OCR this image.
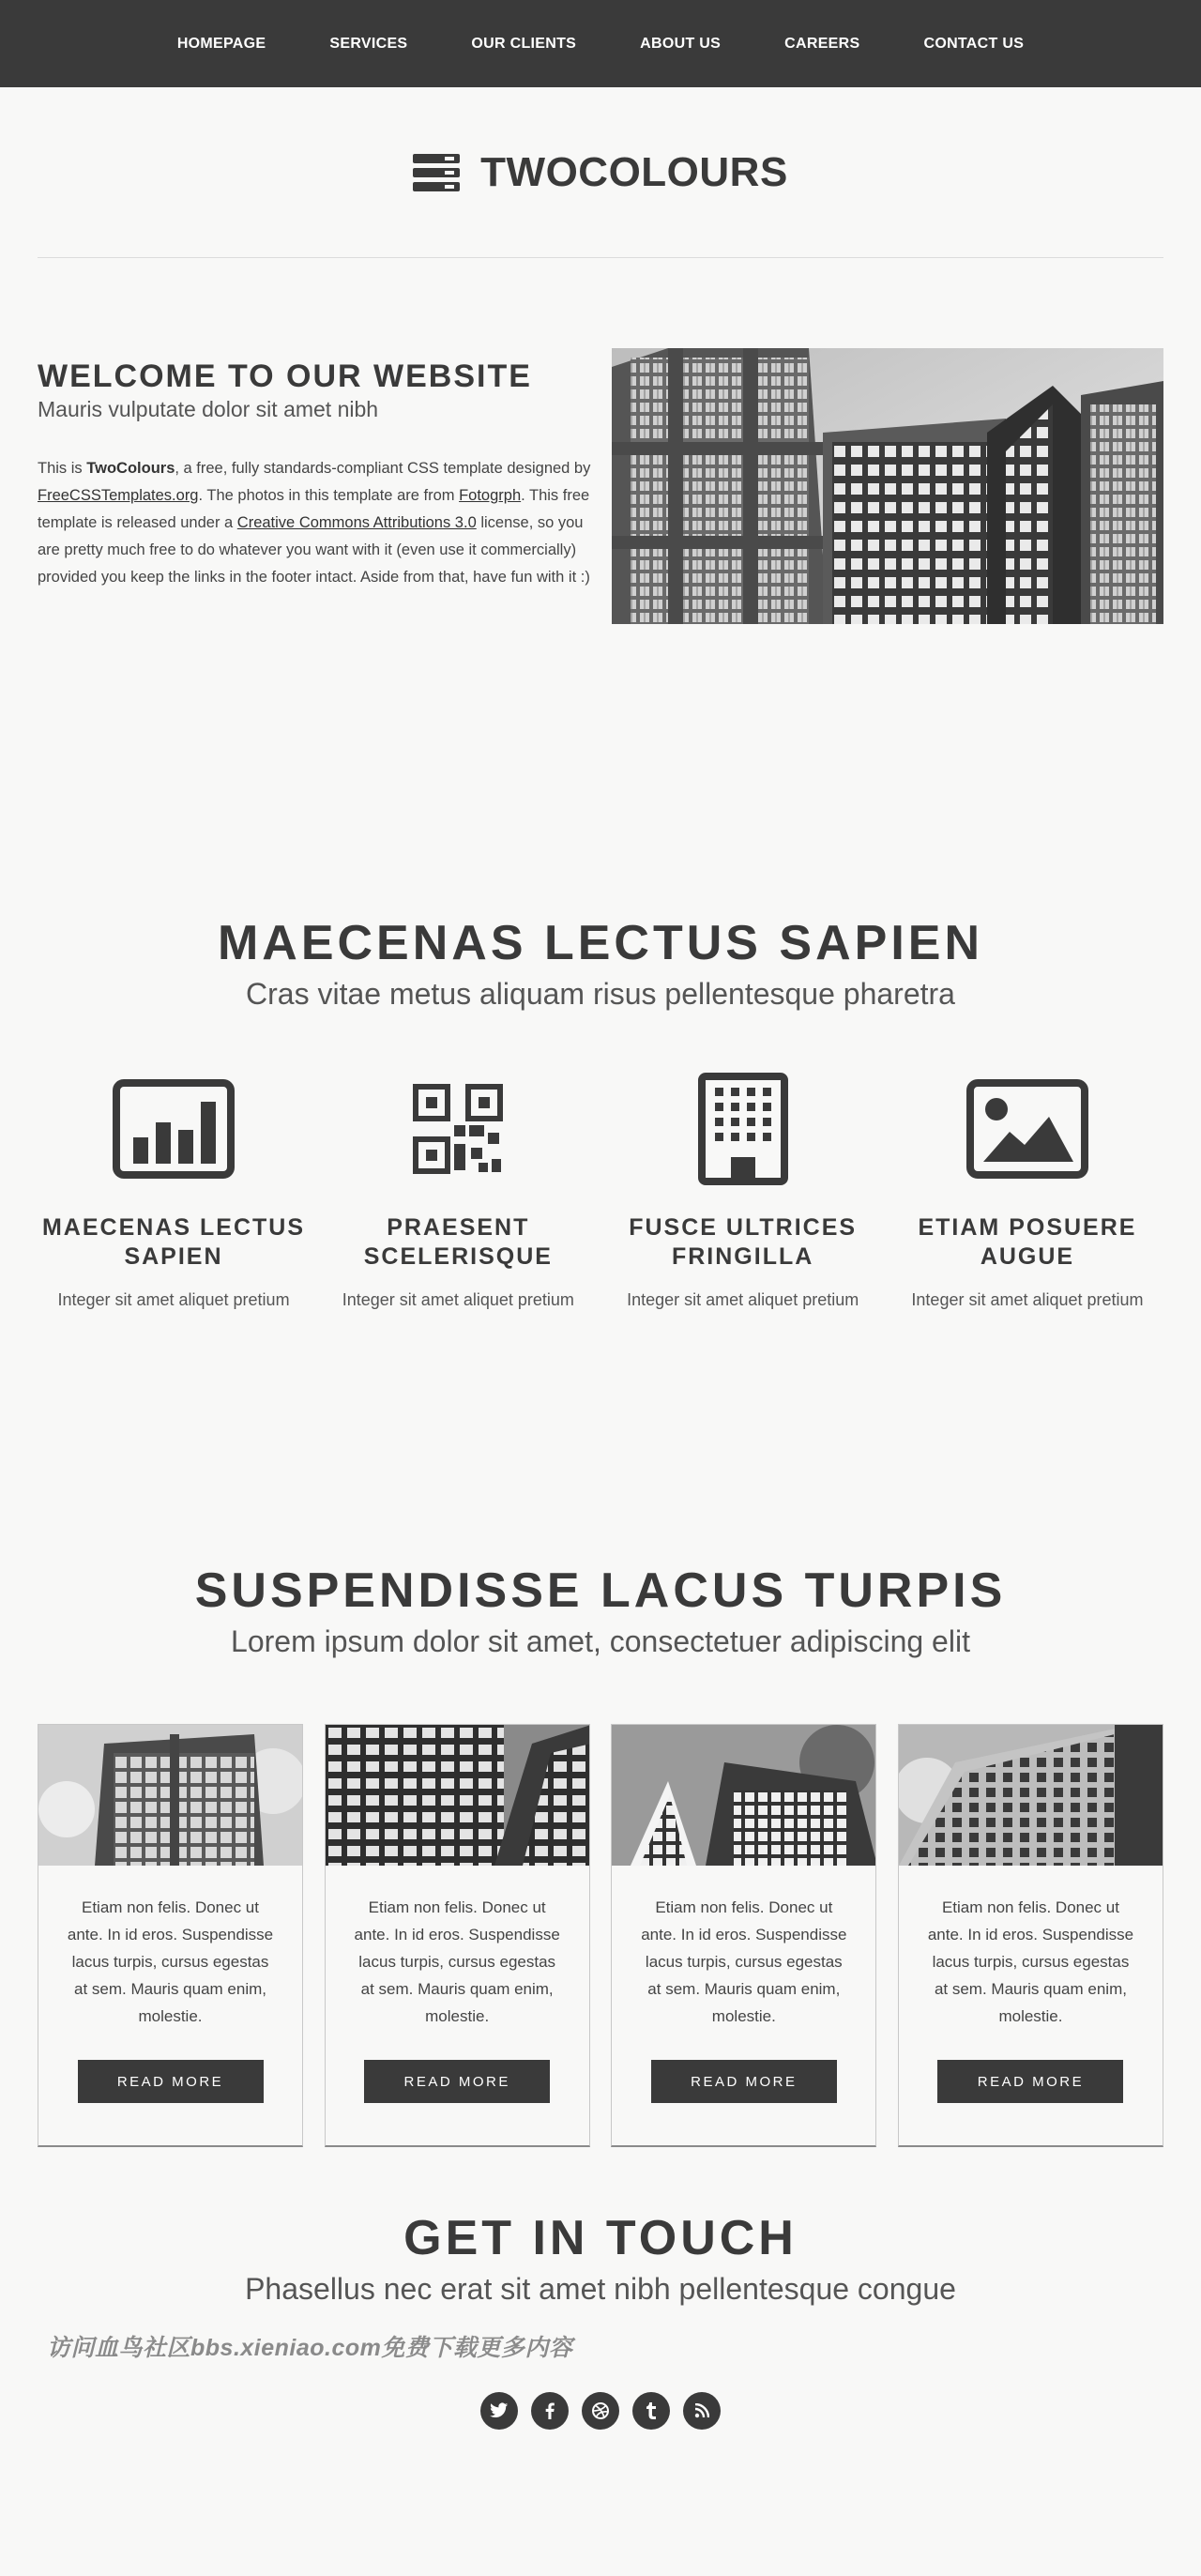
HOMEPAGE	SERVICES	OUR CLIENTS	ABOUT US	CAREERS	CONTACT US
TWOCOLOURS
WELCOME TO OUR WEBSITE

Mauris vulputate dolor sit amet nibh

This is TwoColours, a free, fully standards-compliant CSS template designed by FreeCSSTemplates.org. The photos in this template are from Fotogrph. This free template is released under a Creative Commons Attributions 3.0 license, so you are pretty much free to do whatever you want with it (even use it commercially) provided you keep the links in the footer intact. Aside from that, have fun with it :)

MAECENAS LECTUS SAPIEN

Cras vitae metus aliquam risus pellentesque pharetra

MAECENAS LECTUS
SAPIEN

Integer sit amet aliquet pretium

PRAESENT
SCELERISQUE

Integer sit amet aliquet pretium

FUSCE ULTRICES
FRINGILLA

Integer sit amet aliquet pretium

ETIAM POSUERE
AUGUE

Integer sit amet aliquet pretium

SUSPENDISSE LACUS TURPIS

Lorem ipsum dolor sit amet, consectetuer adipiscing elit

Etiam non felis. Donec ut ante. In id eros. Suspendisse lacus turpis, cursus egestas at sem. Mauris quam enim, molestie.

READ MORE

Etiam non felis. Donec ut ante. In id eros. Suspendisse lacus turpis, cursus egestas at sem. Mauris quam enim, molestie.

READ MORE

Etiam non felis. Donec ut ante. In id eros. Suspendisse lacus turpis, cursus egestas at sem. Mauris quam enim, molestie.

READ MORE

Etiam non felis. Donec ut ante. In id eros. Suspendisse lacus turpis, cursus egestas at sem. Mauris quam enim, molestie.

READ MORE
GET IN TOUCH

Phasellus nec erat sit amet nibh pellentesque congue

访问血鸟社区bbs.xieniao.com免费下载更多内容
